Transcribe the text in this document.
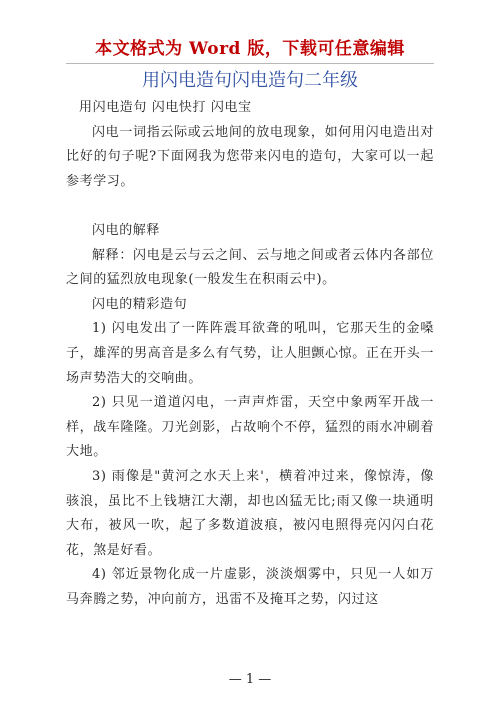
本文格式为 Word 版，下载可任意编辑
用闪电造句闪电造句二年级

用闪电造句 闪电快打 闪电宝

闪电一词指云际或云地间的放电现象，如何用闪电造出对比好的句子呢?下面网我为您带来闪电的造句，大家可以一起参考学习。

闪电的解释

解释：闪电是云与云之间、云与地之间或者云体内各部位之间的猛烈放电现象(一般发生在积雨云中)。

闪电的精彩造句

1) 闪电发出了一阵阵震耳欲聋的吼叫，它那天生的金嗓子，雄浑的男高音是多么有气势，让人胆颤心惊。正在开头一场声势浩大的交响曲。

2) 只见一道道闪电，一声声炸雷，天空中象两军开战一样，战车隆隆。刀光剑影，占故响个不停，猛烈的雨水冲刷着大地。

3) 雨像是"黄河之水天上来'，横着冲过来，像惊涛，像骇浪，虽比不上钱塘江大潮，却也凶猛无比;雨又像一块通明大布，被风一吹，起了多数道波痕，被闪电照得亮闪闪白花花，煞是好看。

4) 邻近景物化成一片虚影，淡淡烟雾中，只见一人如万马奔腾之势，冲向前方，迅雷不及掩耳之势，闪过这

— 1 —
